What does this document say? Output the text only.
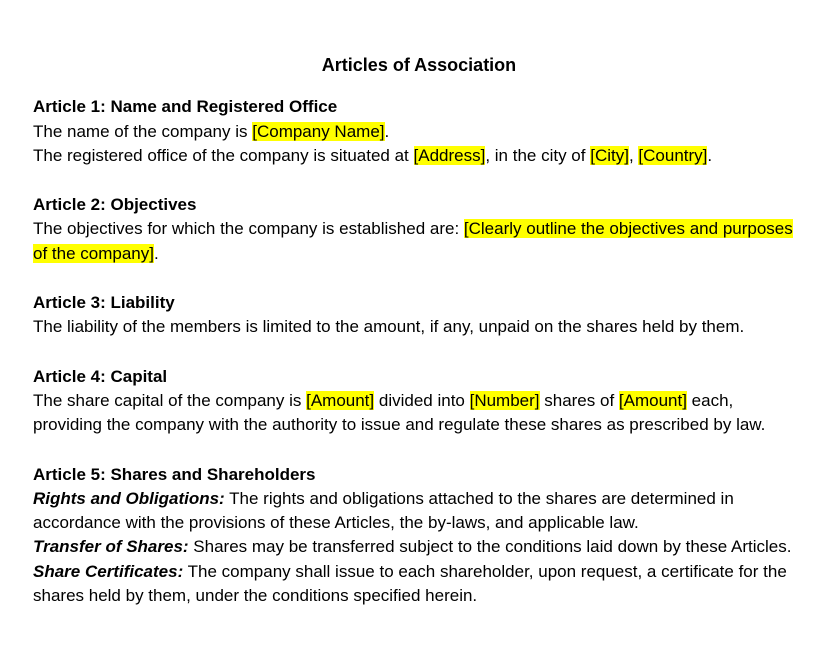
Articles of Association
Article 1: Name and Registered Office

The name of the company is [Company Name].

The registered office of the company is situated at [Address], in the city of [City], [Country].

Article 2: Objectives

The objectives for which the company is established are: [Clearly outline the objectives and purposes of the company].

Article 3: Liability

The liability of the members is limited to the amount, if any, unpaid on the shares held by them.

Article 4: Capital

The share capital of the company is [Amount] divided into [Number] shares of [Amount] each, providing the company with the authority to issue and regulate these shares as prescribed by law.

Article 5: Shares and Shareholders

Rights and Obligations: The rights and obligations attached to the shares are determined in accordance with the provisions of these Articles, the by-laws, and applicable law.

Transfer of Shares: Shares may be transferred subject to the conditions laid down by these Articles.

Share Certificates: The company shall issue to each shareholder, upon request, a certificate for the shares held by them, under the conditions specified herein.
